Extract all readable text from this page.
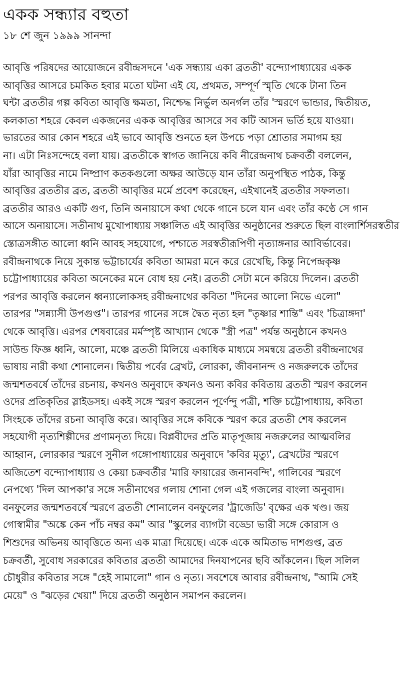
একক সন্ধ্যার বহুতা
১৮ শে জুন ১৯৯৯ সানন্দা
আবৃত্তি পরিষদের আয়োজনে রবীন্দ্রসদনে 'এক সন্ধ্যায় একা ব্রততী' বন্দ্যোপাধ্যায়ের একক
আবৃত্তির আসরে চমকিত হবার মতো ঘটনা এই যে, প্রথমত, সম্পূর্ণ স্মৃতি থেকে টানা তিন
ঘন্টা ব্রততীর গল্প কবিতা আবৃত্তি ক্ষমতা, নিশ্চেদ্ধ নির্ভুল অনর্গল তাঁর 'স্মরণে ভান্ডার, দ্বিতীয়ত,
কলকাতা শহরে কেবল একজনের একক আবৃত্তির আসরে সব কটি আসন ভর্তি হয়ে যাওয়া।
ভারতের আর কোন শহরে এই ভাবে আবৃত্তি শুনতে হল উপচে পড়া শ্রোতার সমাগম হয়
না। এটা নিঃসন্দেহে বলা যায়। ব্রততীকে স্বাগত জানিয়ে কবি নীরেন্দ্রনাথ চক্রবর্তী বললেন,
যাঁরা আবৃত্তির নামে নিষ্প্রাণ কতকগুলো অক্ষর আউড়ে যান তাঁরা অনুপস্থিত পাঠক, কিন্তু
আবৃত্তির ব্রততীর ব্রত, ব্রততী আবৃত্তির মর্মে প্রবেশ করেছেন, এইখানেই ব্রততীর সফলতা।
ব্রততীর আরও একটি গুণ, তিনি অনায়াসে কথা থেকে গানে চলে যান এবং তাঁর কণ্ঠে সে গান
আসে অনায়াসে। সতীনাথ মুখোপাধ্যায় সঞ্চালিত এই আবৃত্তির অনুষ্ঠানের শুরুতে ছিল বাংলার্শিসরস্বতীর
স্তোত্রসঙ্গীত আলো ধ্বনি আবহ সহযোগে, পশ্চাতে সরস্বতীরূপিণী নৃত্যাঙ্গনার আবির্ভাবের।
রবীন্দ্রনাথকে নিয়ে সুকান্ত ভট্টাচার্যের কবিতা আমরা মনে করে রেখেছি, কিন্তু নিপেন্দ্রকৃষ্ণ
চট্টোপাধ্যায়ের কবিতা অনেকের মনে বোধ হয় নেই। ব্রততী সেটা মনে করিয়ে দিলেন। ব্রততী
পরপর আবৃত্তি করলেন ধ্বন্যালোকসহ রবীন্দ্রনাথের কবিতা "দিনের আলো নিভে এলো"
তারপর "সন্ন্যাসী উপগুপ্ত"। তারপর গানের সঙ্গে দ্বৈত নৃত্য হল "তৃষ্ণার শান্তি" এবং 'চিত্রাঙ্গদা'
থেকে আবৃত্তি। এরপর শেষবারের মর্মস্পৃষ্ট আখ্যান থেকে "স্ত্রী পত্র" পর্যন্ত অনুষ্ঠানে কখনও
সাউন্ড ফিজ্ঞ ধ্বনি, আলো, মঞ্চে ব্রততী মিলিয়ে একাধিক মাধ্যমে সমন্বয়ে ব্রততী রবীন্দ্রনাথের
ভাষায় নারী কথা শোনালেন। দ্বিতীয় পর্বের ব্রেখট, লোরকা, জীবনানন্দ ও নজরুলকে তাঁদের
জন্মশতবর্ষে তাঁদের রচনায়, কখনও অনুবাদে কখনও অন্য কবির কবিতায় ব্রততী স্মরণ করলেন
ওদের প্রতিকৃতির স্লাইডসহ। একই সঙ্গে স্মরণ করলেন পূর্ণেন্দু পত্রী, শক্তি চট্টোপাধ্যায়, কবিতা
সিংহকে তাঁদের রচনা আবৃত্তি করে। আবৃত্তির সঙ্গে কবিকে স্মরণ করে ব্রততী শেষ করলেন
সহযোগী নৃত্যশিল্পীদের প্রণামনৃত্য দিয়ে। বিপ্লবীদের প্রতি মাতৃপূজায় নজরুলের আত্মবলির
আহ্বান, লোরকার স্মরণে সুনীল গঙ্গোপাধ্যায়ের অনুবাদে 'কবির মৃত্যু', ব্রেখটের স্মরণে
অজিতেশ বন্দ্যোপাধ্যায় ও কেয়া চক্রবর্তীর 'মারি ফায়ারের জনানবন্দি', গালিবের স্মরণে
নেপথ্যে 'দিল আপকা'র সঙ্গে সতীনাথের গলায় শোনা গেল এই গজলের বাংলা অনুবাদ।
বনফুলের জন্মশতবর্ষে স্মরণে ব্রততী শোনালেন বনফুলের 'ট্রাজেডি' বৃক্ষের এক খণ্ড। জয়
গোস্বামীর "অঙ্কে কেন পাঁচ নম্বর কম" আর "স্কুলের ব্যাগটা বড্ডো ভারী সঙ্গে কোরাস ও
শিশুদের অভিনয় আবৃত্তিতে অন্য এক মাত্রা দিয়েছে। একে একে অমিতাভ দাশগুপ্ত, ব্রত
চক্রবর্তী, সুবোধ সরকারের কবিতার ব্রততী আমাদের দিনযাপনের ছবি আঁকলেন। ছিল সলিল
চৌধুরীর কবিতার সঙ্গে "হেই সামালো" গান ও নৃত্য। সবশেষে আবার রবীন্দ্রনাথ, "আমি সেই
মেয়ে" ও "ঝড়ের খেয়া" দিয়ে ব্রততী অনুষ্ঠান সমাপন করলেন।
